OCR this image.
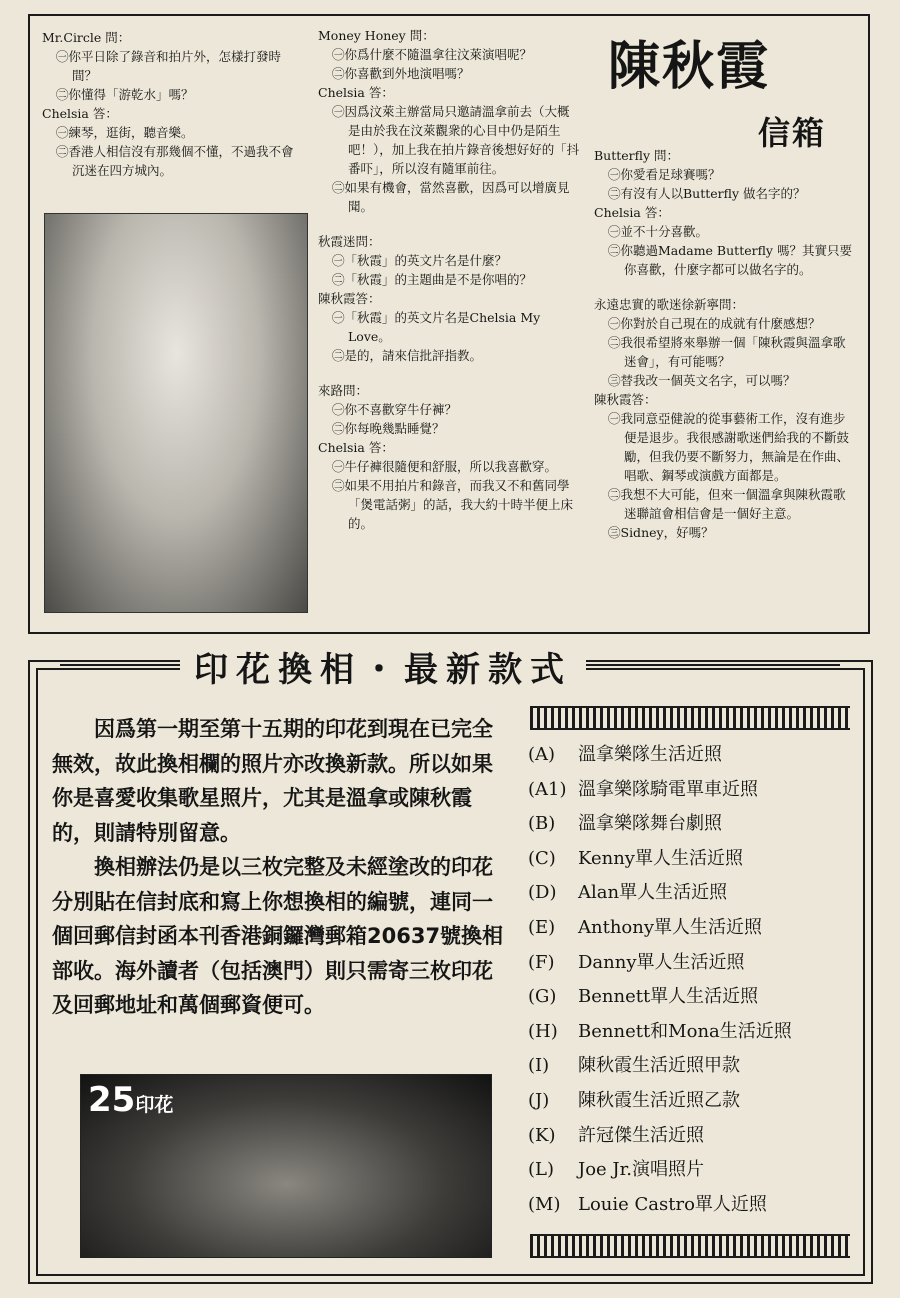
陳秋霞
信箱
Mr.Circle 問：
㊀你平日除了錄音和拍片外，怎樣打發時間？
㊁你懂得「游乾水」嗎？
Chelsia 答：
㊀練琴，逛街，聽音樂。
㊁香港人相信沒有那幾個不懂，不過我不會沉迷在四方城內。
Money Honey 問：
㊀你爲什麼不隨溫拿往汶萊演唱呢？
㊁你喜歡到外地演唱嗎？
Chelsia 答：
㊀因爲汶萊主辦當局只邀請溫拿前去（大概是由於我在汶萊觀衆的心目中仍是陌生吧！），加上我在拍片錄音後想好好的「抖番吓」，所以沒有隨軍前往。
㊁如果有機會，當然喜歡，因爲可以增廣見聞。
秋霞迷問：
㊀「秋霞」的英文片名是什麼？
㊁「秋霞」的主題曲是不是你唱的？
陳秋霞答：
㊀「秋霞」的英文片名是Chelsia My Love。
㊁是的，請來信批評指教。
來路問：
㊀你不喜歡穿牛仔褲？
㊁你每晚幾點睡覺？
Chelsia 答：
㊀牛仔褲很隨便和舒服，所以我喜歡穿。
㊁如果不用拍片和錄音，而我又不和舊同學「煲電話粥」的話，我大約十時半便上床的。
Butterfly 問：
㊀你愛看足球賽嗎？
㊁有沒有人以Butterfly 做名字的？
Chelsia 答：
㊀並不十分喜歡。
㊁你聽過Madame Butterfly 嗎？其實只要你喜歡，什麼字都可以做名字的。
永遠忠實的歌迷徐新寧問：
㊀你對於自己現在的成就有什麼感想？
㊁我很希望將來舉辦一個「陳秋霞與溫拿歌迷會」，有可能嗎？
㊂替我改一個英文名字，可以嗎？
陳秋霞答：
㊀我同意亞健說的從事藝術工作，沒有進步便是退步。我很感謝歌迷們給我的不斷鼓勵，但我仍要不斷努力，無論是在作曲、唱歌、鋼琴或演戲方面都是。
㊁我想不大可能，但來一個溫拿與陳秋霞歌迷聯誼會相信會是一個好主意。
㊂Sidney，好嗎？
印花換相・最新款式

因爲第一期至第十五期的印花到現在已完全無效，故此換相欄的照片亦改換新款。所以如果你是喜愛收集歌星照片，尤其是溫拿或陳秋霞的，則請特別留意。

換相辦法仍是以三枚完整及未經塗改的印花分別貼在信封底和寫上你想換相的編號，連同一個回郵信封函本刊香港銅鑼灣郵箱20637號換相部收。海外讀者（包括澳門）則只需寄三枚印花及回郵地址和萬個郵資便可。

25印花
(A) 溫拿樂隊生活近照
(A1) 溫拿樂隊騎電單車近照
(B) 溫拿樂隊舞台劇照
(C) Kenny單人生活近照
(D) Alan單人生活近照
(E) Anthony單人生活近照
(F) Danny單人生活近照
(G) Bennett單人生活近照
(H) Bennett和Mona生活近照
(I) 陳秋霞生活近照甲款
(J) 陳秋霞生活近照乙款
(K) 許冠傑生活近照
(L) Joe Jr.演唱照片
(M) Louie Castro單人近照
